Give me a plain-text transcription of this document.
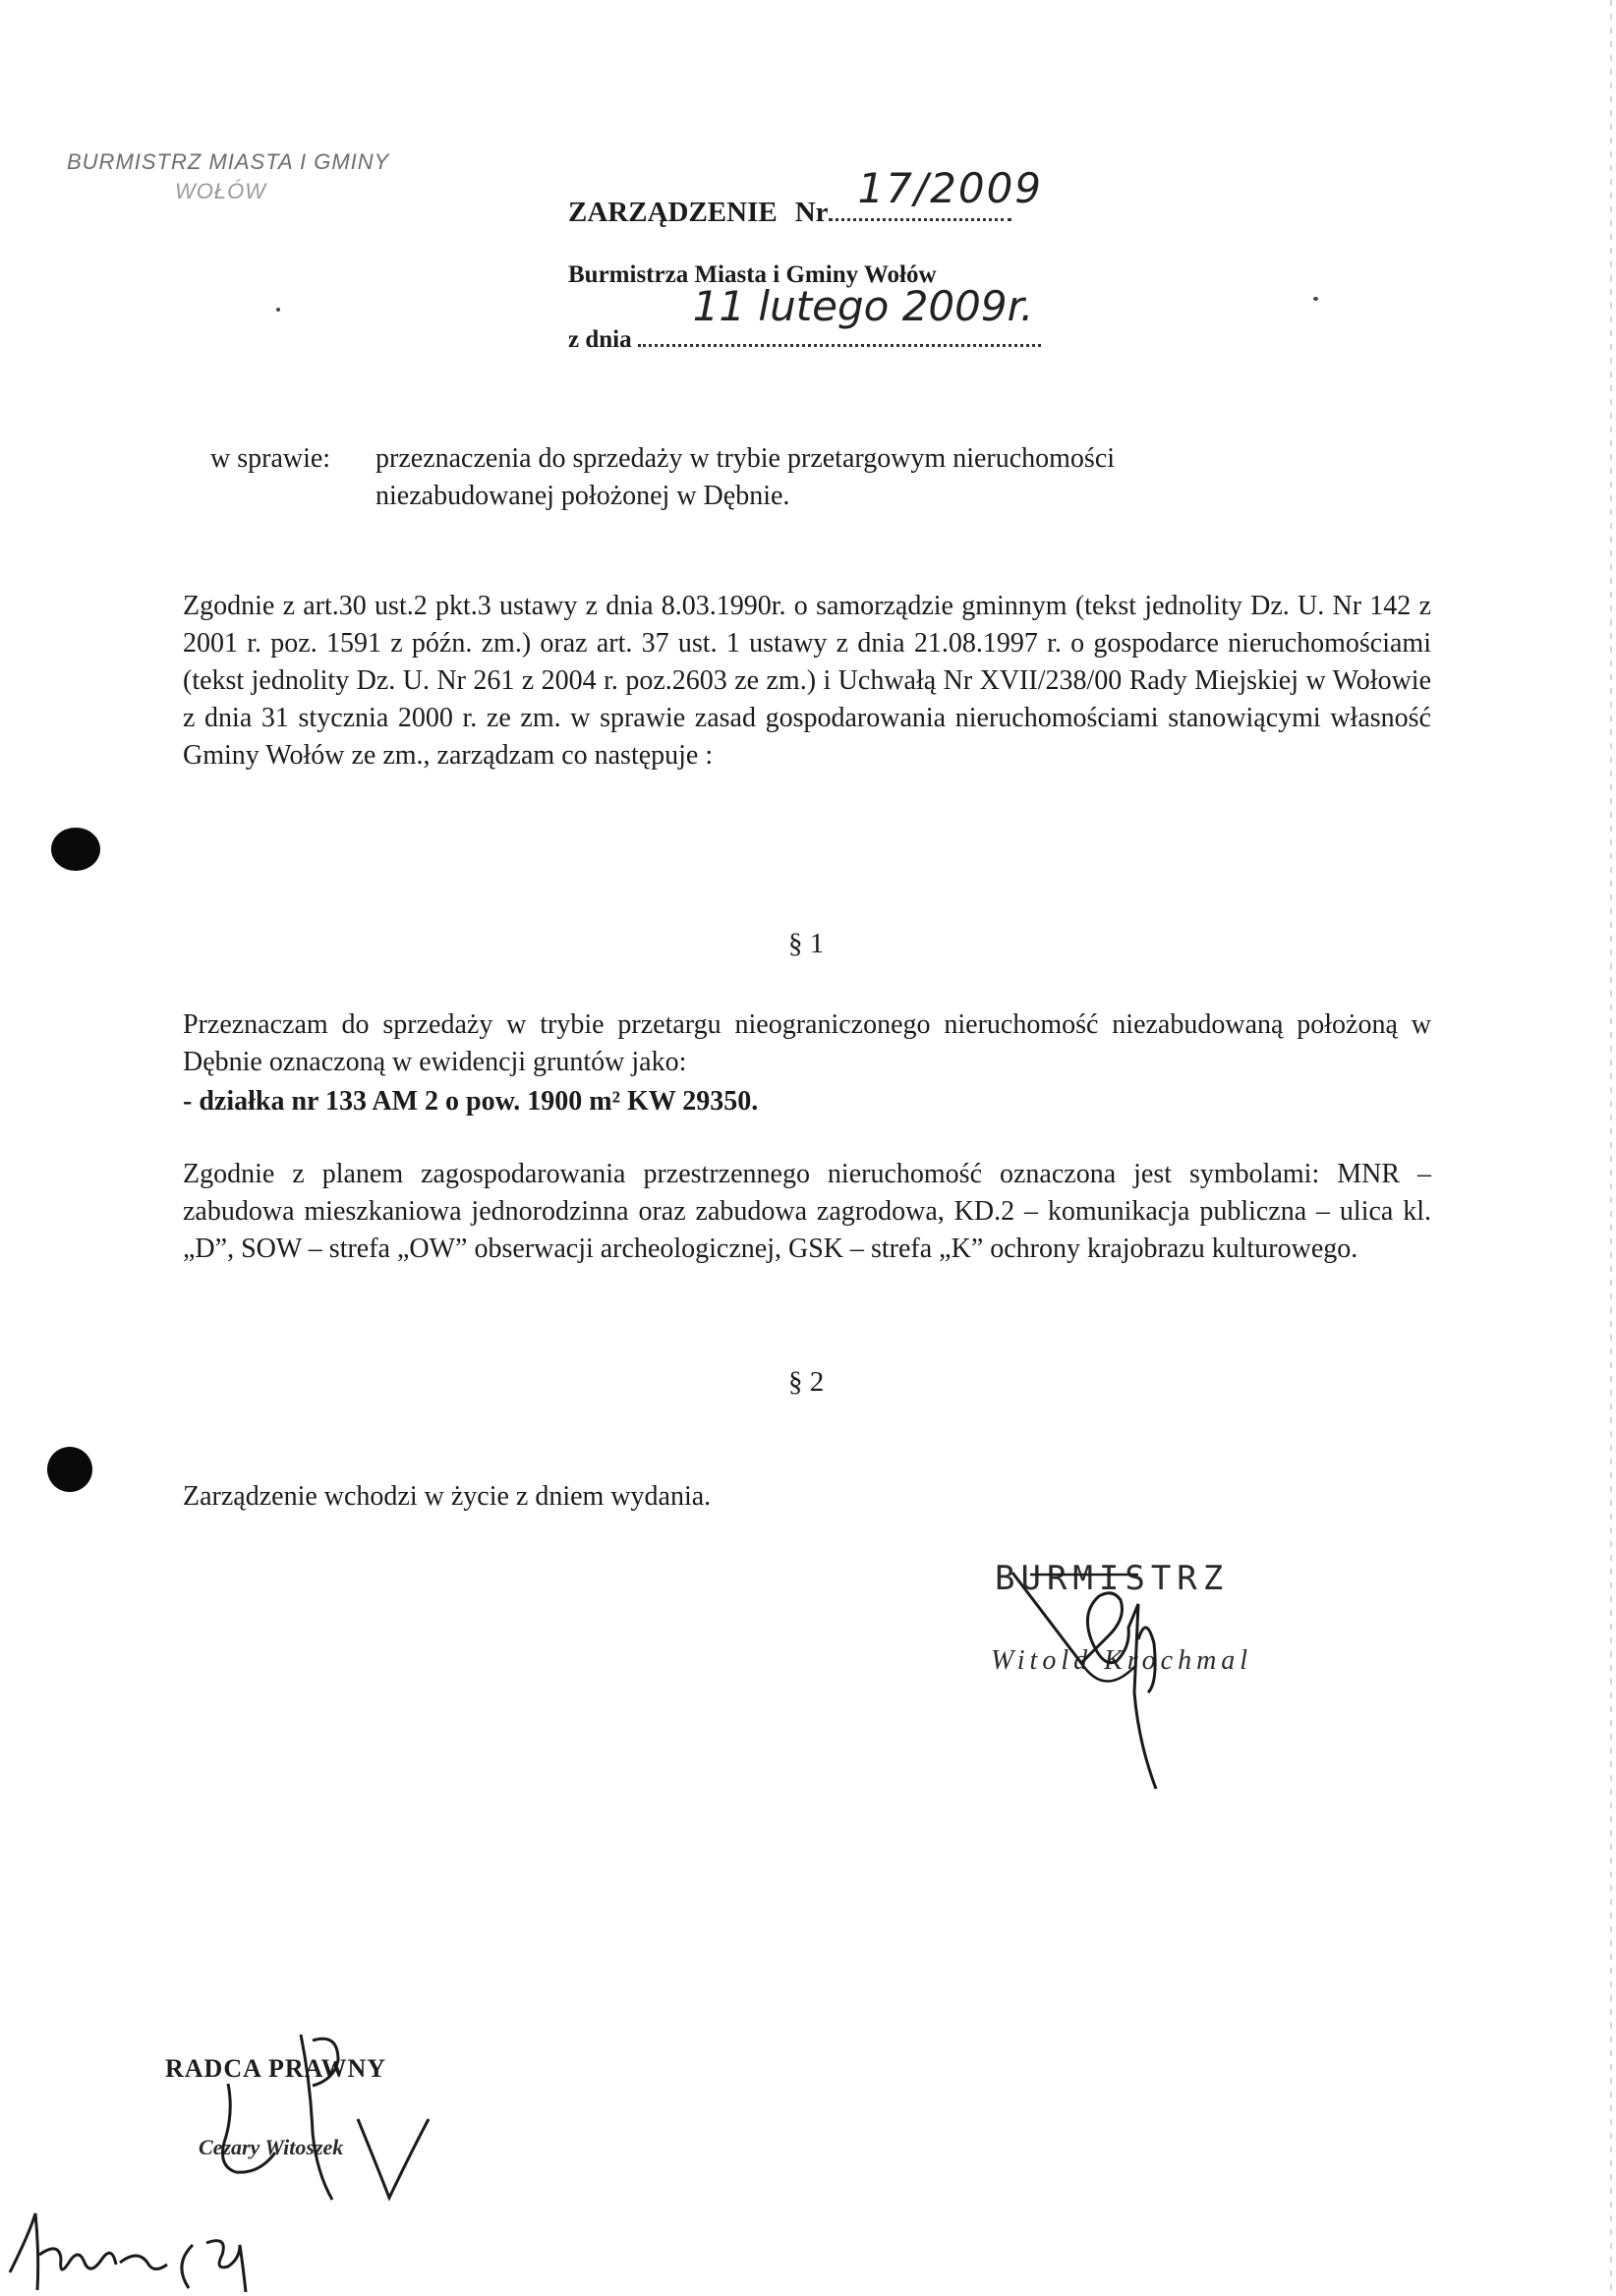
BURMISTRZ MIASTA I GMINY
WOŁÓW
ZARZĄDZENIE Nr 17/2009
Burmistrza Miasta i Gminy Wołów
z dnia
11 lutego 2009r.
w sprawie:	przeznaczenia do sprzedaży w trybie przetargowym nieruchomości niezabudowanej położonej w Dębnie.
Zgodnie z art.30 ust.2 pkt.3 ustawy z dnia 8.03.1990r. o samorządzie gminnym (tekst jednolity Dz. U. Nr 142 z 2001 r. poz. 1591 z późn. zm.) oraz art. 37 ust. 1 ustawy z dnia 21.08.1997 r. o gospodarce nieruchomościami (tekst jednolity Dz. U. Nr 261 z 2004 r. poz.2603 ze zm.) i Uchwałą Nr XVII/238/00 Rady Miejskiej w Wołowie z dnia 31 stycznia 2000 r. ze zm. w sprawie zasad gospodarowania nieruchomościami stanowiącymi własność Gminy Wołów ze zm., zarządzam co następuje :
§ 1
Przeznaczam do sprzedaży w trybie przetargu nieograniczonego nieruchomość niezabudowaną położoną w Dębnie oznaczoną w ewidencji gruntów jako:
- działka nr 133 AM 2 o pow. 1900 m² KW 29350.
Zgodnie z planem zagospodarowania przestrzennego nieruchomość oznaczona jest symbolami: MNR – zabudowa mieszkaniowa jednorodzinna oraz zabudowa zagrodowa, KD.2 – komunikacja publiczna – ulica kl. „D”, SOW – strefa „OW” obserwacji archeologicznej, GSK – strefa „K” ochrony krajobrazu kulturowego.
§ 2
Zarządzenie wchodzi w życie z dniem wydania.
BURMISTRZ
Witold Krochmal
RADCA PRAWNY
Cezary Witoszek
